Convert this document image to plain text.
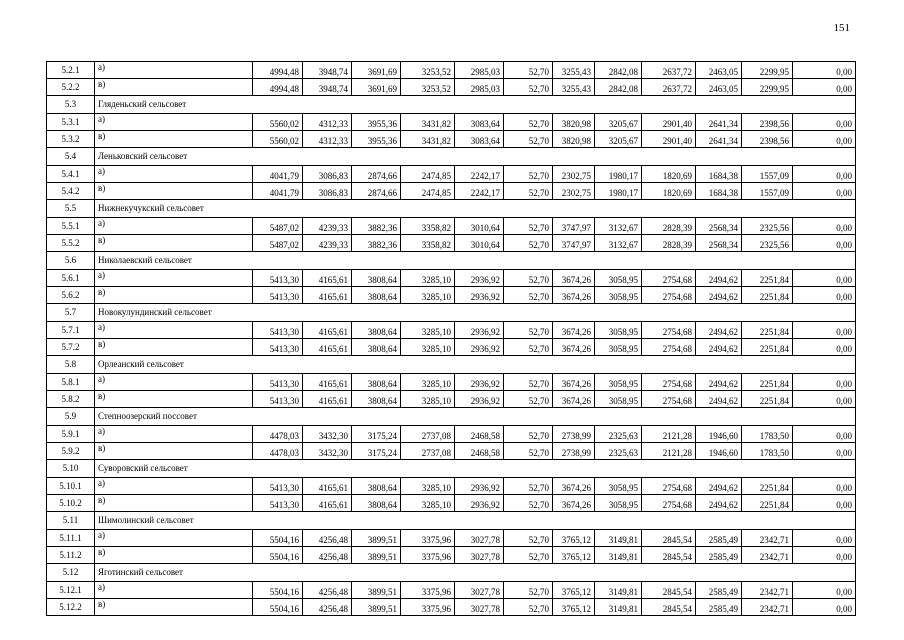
151
5.2.1	а)	4994,48	3948,74	3691,69	3253,52	2985,03	52,70	3255,43	2842,08	2637,72	2463,05	2299,95	0,00
5.2.2	в)	4994,48	3948,74	3691,69	3253,52	2985,03	52,70	3255,43	2842,08	2637,72	2463,05	2299,95	0,00
5.3	Гляденьский сельсовет												
5.3.1	а)	5560,02	4312,33	3955,36	3431,82	3083,64	52,70	3820,98	3205,67	2901,40	2641,34	2398,56	0,00
5.3.2	в)	5560,02	4312,33	3955,36	3431,82	3083,64	52,70	3820,98	3205,67	2901,40	2641,34	2398,56	0,00
5.4	Леньковский сельсовет												
5.4.1	а)	4041,79	3086,83	2874,66	2474,85	2242,17	52,70	2302,75	1980,17	1820,69	1684,38	1557,09	0,00
5.4.2	в)	4041,79	3086,83	2874,66	2474,85	2242,17	52,70	2302,75	1980,17	1820,69	1684,38	1557,09	0,00
5.5	Нижнекучукский сельсовет												
5.5.1	а)	5487,02	4239,33	3882,36	3358,82	3010,64	52,70	3747,97	3132,67	2828,39	2568,34	2325,56	0,00
5.5.2	в)	5487,02	4239,33	3882,36	3358,82	3010,64	52,70	3747,97	3132,67	2828,39	2568,34	2325,56	0,00
5.6	Николаевский сельсовет												
5.6.1	а)	5413,30	4165,61	3808,64	3285,10	2936,92	52,70	3674,26	3058,95	2754,68	2494,62	2251,84	0,00
5.6.2	в)	5413,30	4165,61	3808,64	3285,10	2936,92	52,70	3674,26	3058,95	2754,68	2494,62	2251,84	0,00
5.7	Новокулундинский сельсовет												
5.7.1	а)	5413,30	4165,61	3808,64	3285,10	2936,92	52,70	3674,26	3058,95	2754,68	2494,62	2251,84	0,00
5.7.2	в)	5413,30	4165,61	3808,64	3285,10	2936,92	52,70	3674,26	3058,95	2754,68	2494,62	2251,84	0,00
5.8	Орлеанский сельсовет												
5.8.1	а)	5413,30	4165,61	3808,64	3285,10	2936,92	52,70	3674,26	3058,95	2754,68	2494,62	2251,84	0,00
5.8.2	в)	5413,30	4165,61	3808,64	3285,10	2936,92	52,70	3674,26	3058,95	2754,68	2494,62	2251,84	0,00
5.9	Степноозерский поссовет												
5.9.1	а)	4478,03	3432,30	3175,24	2737,08	2468,58	52,70	2738,99	2325,63	2121,28	1946,60	1783,50	0,00
5.9.2	в)	4478,03	3432,30	3175,24	2737,08	2468,58	52,70	2738,99	2325,63	2121,28	1946,60	1783,50	0,00
5.10	Суворовский сельсовет												
5.10.1	а)	5413,30	4165,61	3808,64	3285,10	2936,92	52,70	3674,26	3058,95	2754,68	2494,62	2251,84	0,00
5.10.2	в)	5413,30	4165,61	3808,64	3285,10	2936,92	52,70	3674,26	3058,95	2754,68	2494,62	2251,84	0,00
5.11	Шимолинский сельсовет												
5.11.1	а)	5504,16	4256,48	3899,51	3375,96	3027,78	52,70	3765,12	3149,81	2845,54	2585,49	2342,71	0,00
5.11.2	в)	5504,16	4256,48	3899,51	3375,96	3027,78	52,70	3765,12	3149,81	2845,54	2585,49	2342,71	0,00
5.12	Яготинский сельсовет												
5.12.1	а)	5504,16	4256,48	3899,51	3375,96	3027,78	52,70	3765,12	3149,81	2845,54	2585,49	2342,71	0,00
5.12.2	в)	5504,16	4256,48	3899,51	3375,96	3027,78	52,70	3765,12	3149,81	2845,54	2585,49	2342,71	0,00
